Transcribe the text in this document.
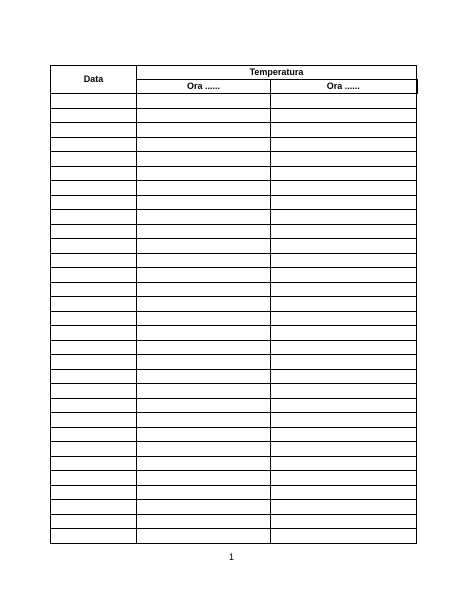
Data	Temperatura	
	Ora ......	Ora ......

1
